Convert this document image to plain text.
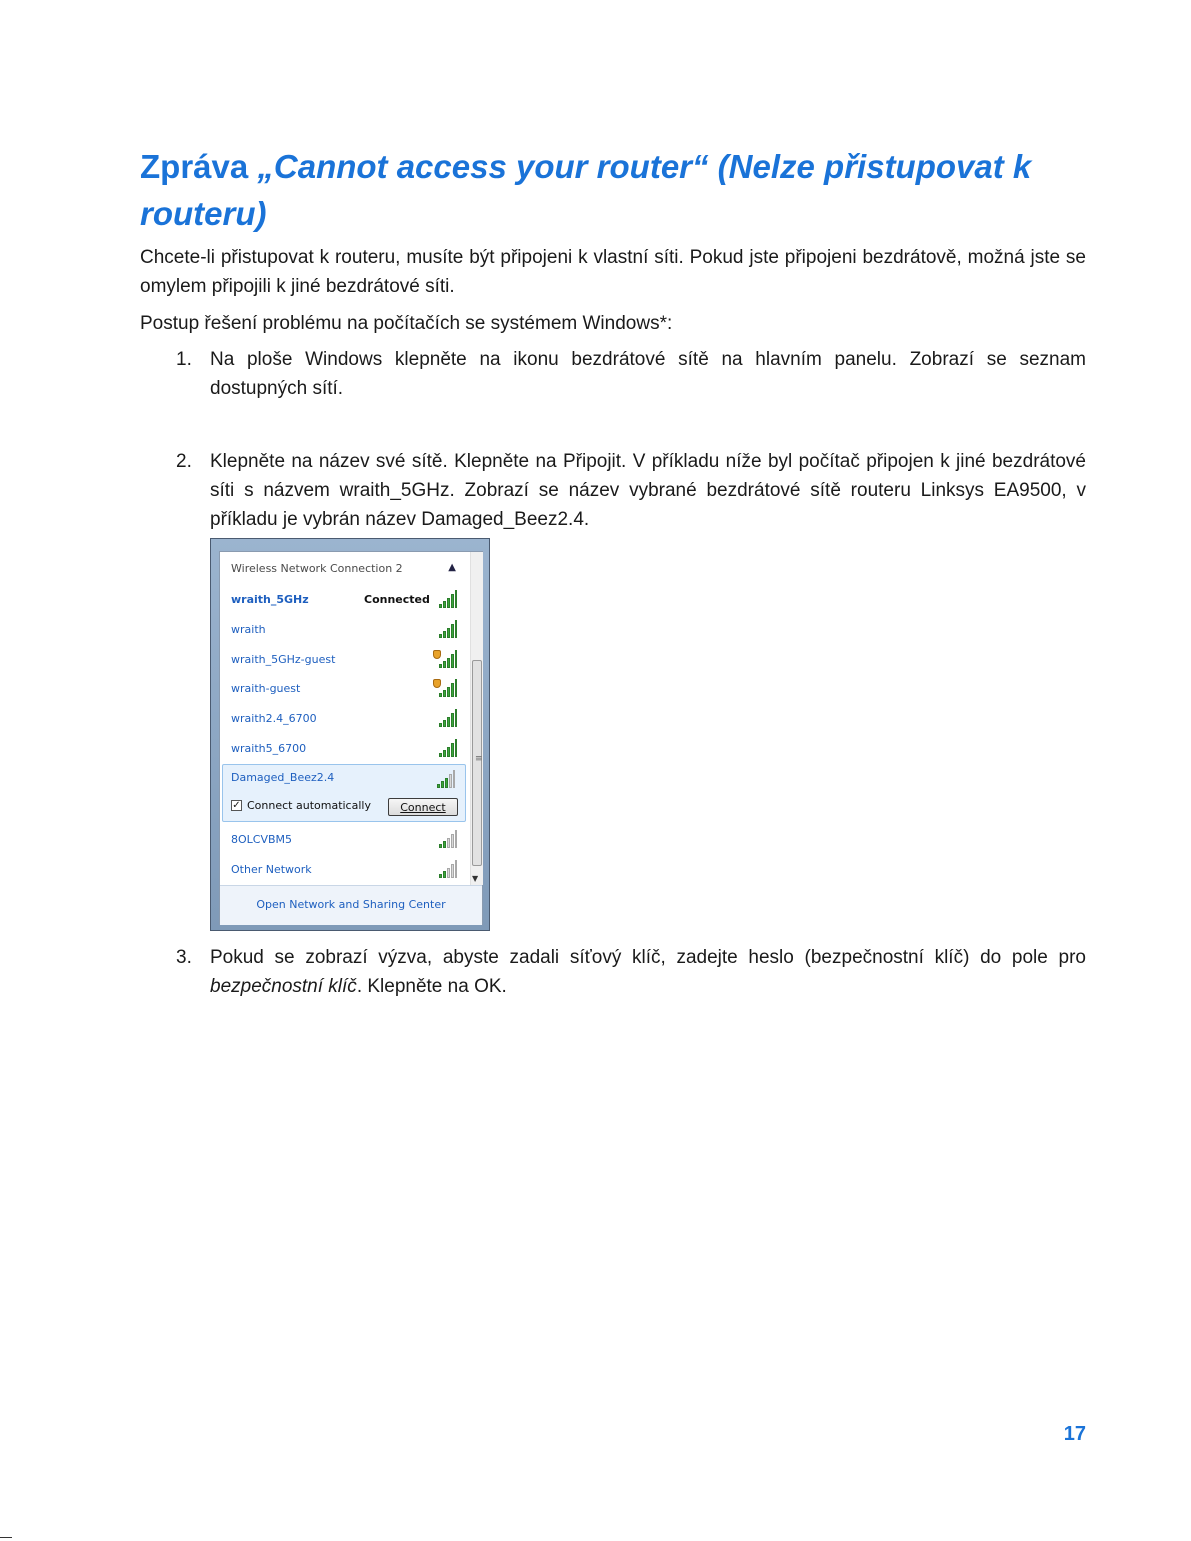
Zpráva „Cannot access your router“ (Nelze přistupovat k routeru)

Chcete-li přistupovat k routeru, musíte být připojeni k vlastní síti. Pokud jste připojeni bezdrátově, možná jste se omylem připojili k jiné bezdrátové síti.

Postup řešení problému na počítačích se systémem Windows*:

1. Na ploše Windows klepněte na ikonu bezdrátové sítě na hlavním panelu. Zobrazí se seznam dostupných sítí.

2. Klepněte na název své sítě. Klepněte na Připojit. V příkladu níže byl počítač připojen k jiné bezdrátové síti s názvem wraith_5GHz. Zobrazí se název vybrané bezdrátové sítě routeru Linksys EA9500, v příkladu je vybrán název Damaged_Beez2.4.

Wireless Network Connection 2	▲
wraith_5GHz	Connected
wraith
wraith_5GHz-guest
wraith-guest
wraith2.4_6700
wraith5_6700
Damaged_Beez2.4
✓ Connect automatically	Connect
8OLCVBM5
Other Network
≡
▼
Open Network and Sharing Center
3. Pokud se zobrazí výzva, abyste zadali síťový klíč, zadejte heslo (bezpečnostní klíč) do pole pro bezpečnostní klíč. Klepněte na OK.

17
